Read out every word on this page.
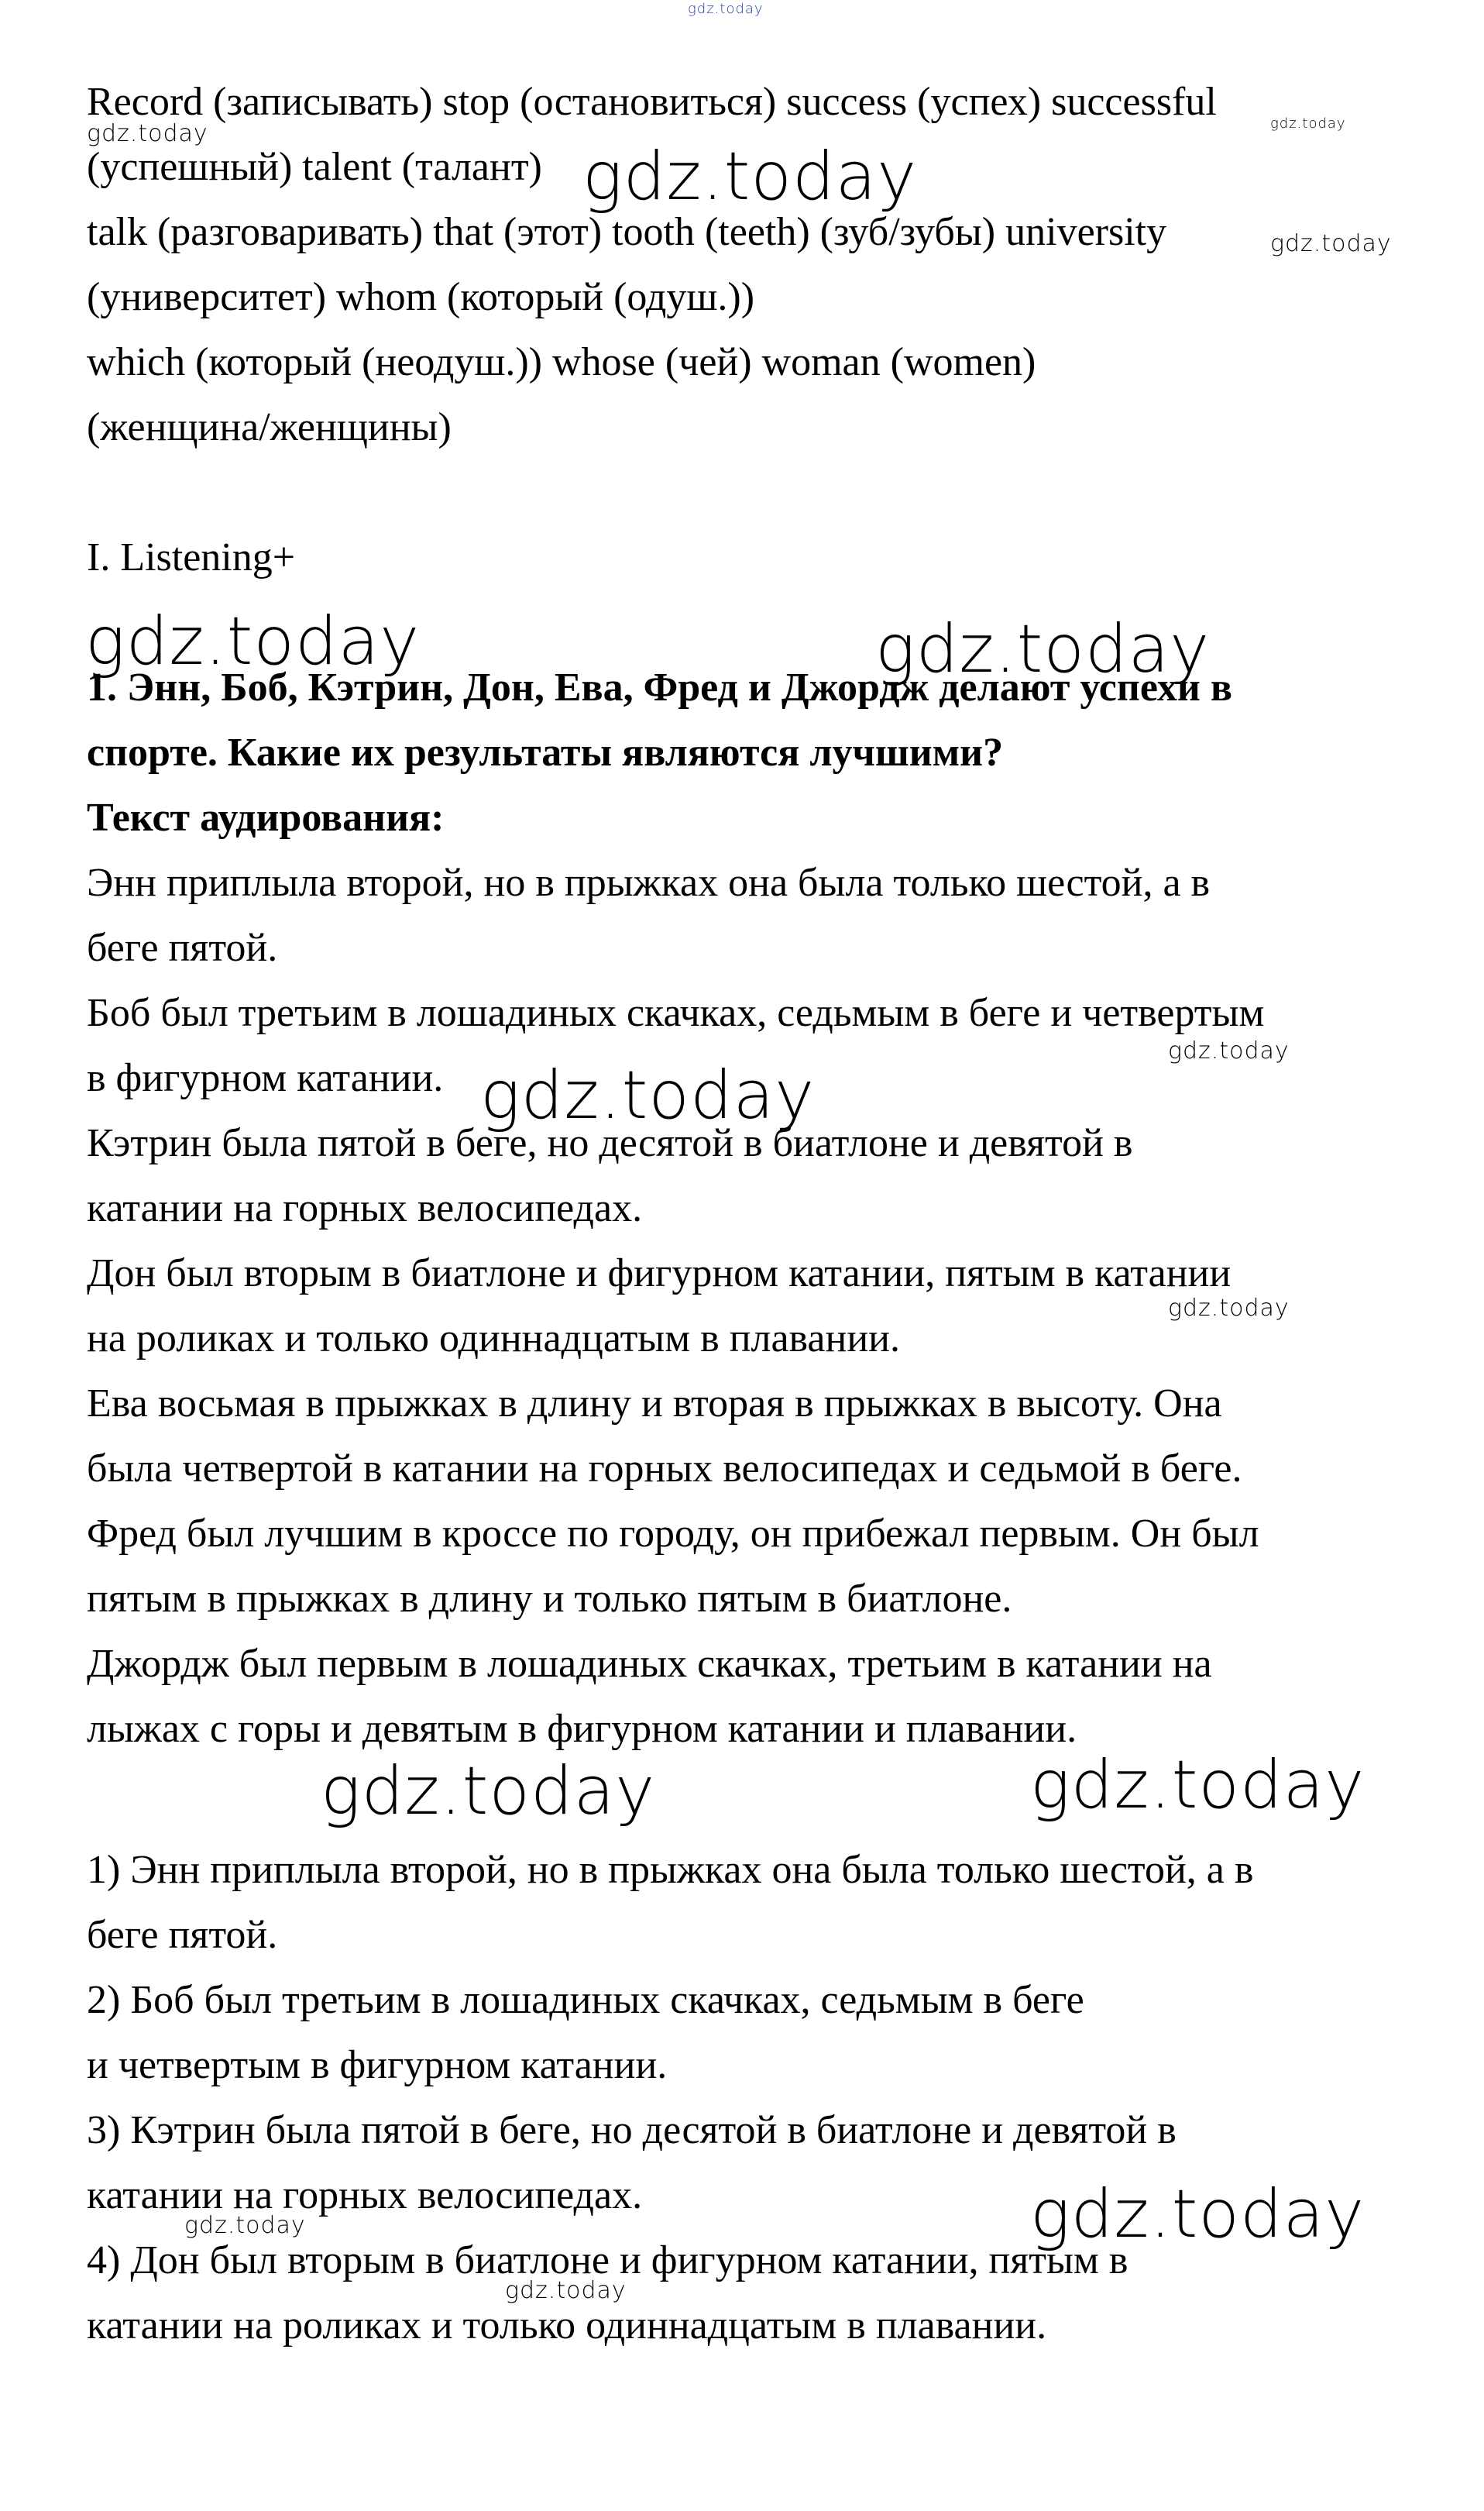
gdz.today
gdz.today	gdz.today
gdz.today
gdz.today
gdz.today	gdz.today
gdz.today
gdz.today
gdz.today
gdz.today	gdz.today
gdz.today
gdz.today
gdz.today

Record (записывать) stop (остановиться) success (успех) successful

(успешный) talent (талант)

talk (разговаривать) that (этот) tooth (teeth) (зуб/зубы) university

(университет) whom (который (одуш.))

which (который (неодуш.)) whose (чей) woman (women)

(женщина/женщины)

I. Listening+

1. Энн, Боб, Кэтрин, Дон, Ева, Фред и Джордж делают успехи в

спорте. Какие их результаты являются лучшими?

Текст аудирования:

Энн приплыла второй, но в прыжках она была только шестой, а в

беге пятой.

Боб был третьим в лошадиных скачках, седьмым в беге и четвертым

в фигурном катании.

Кэтрин была пятой в беге, но десятой в биатлоне и девятой в

катании на горных велосипедах.

Дон был вторым в биатлоне и фигурном катании, пятым в катании

на роликах и только одиннадцатым в плавании.

Ева восьмая в прыжках в длину и вторая в прыжках в высоту. Она

была четвертой в катании на горных велосипедах и седьмой в беге.

Фред был лучшим в кроссе по городу, он прибежал первым. Он был

пятым в прыжках в длину и только пятым в биатлоне.

Джордж был первым в лошадиных скачках, третьим в катании на

лыжах с горы и девятым в фигурном катании и плавании.

1) Энн приплыла второй, но в прыжках она была только шестой, а в

беге пятой.

2) Боб был третьим в лошадиных скачках, седьмым в беге

и четвертым в фигурном катании.

3) Кэтрин была пятой в беге, но десятой в биатлоне и девятой в

катании на горных велосипедах.

4) Дон был вторым в биатлоне и фигурном катании, пятым в

катании на роликах и только одиннадцатым в плавании.
